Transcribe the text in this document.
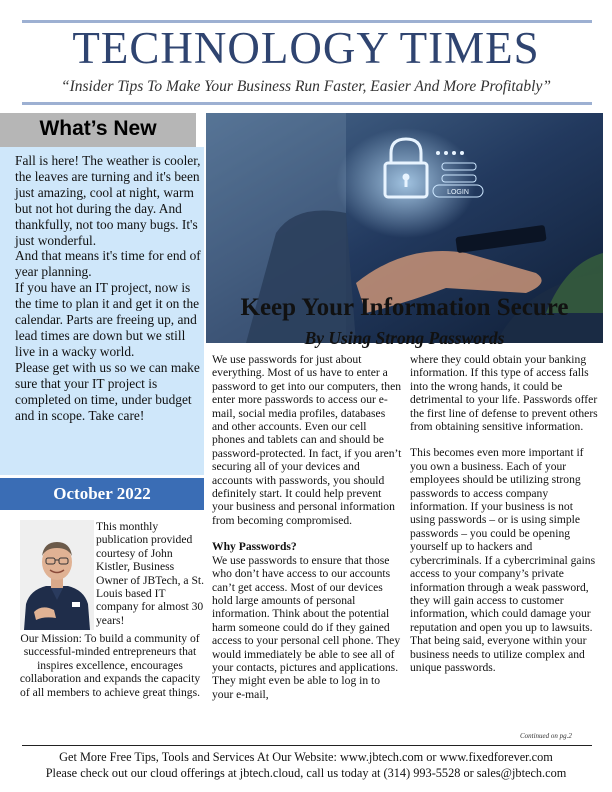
TECHNOLOGY TIMES
“Insider Tips To Make Your Business Run Faster, Easier And More Profitably”
What’s New

Fall is here! The weather is cooler, the leaves are turning and it's been just amazing, cool at night, warm but not hot during the day. And thankfully, not too many bugs. It's just wonderful.

And that means it's time for end of year planning.

If you have an IT project, now is the time to plan it and get it on the calendar. Parts are freeing up, and lead times are down but we still live in a wacky world.

Please get with us so we can make sure that your IT project is completed on time, under budget and in scope. Take care!

October 2022
This monthly publication provided courtesy of John Kistler, Business Owner of JBTech, a St. Louis based IT company for almost 30 years!
Our Mission: To build a community of successful-minded entrepreneurs that inspires excellence, encourages collaboration and expands the capacity of all members to achieve great things.
LOGIN
Keep Your Information Secure
By Using Strong Passwords

We use passwords for just about everything. Most of us have to enter a password to get into our computers, then enter more passwords to access our e-mail, social media profiles, databases and other accounts. Even our cell phones and tablets can and should be password-protected. In fact, if you aren’t securing all of your devices and accounts with passwords, you should definitely start. It could help prevent your business and personal information from becoming compromised.

Why Passwords?

We use passwords to ensure that those who don’t have access to our accounts can’t get access. Most of our devices hold large amounts of personal information. Think about the potential harm someone could do if they gained access to your personal cell phone. They would immediately be able to see all of your contacts, pictures and applications. They might even be able to log in to your e-mail,

where they could obtain your banking information. If this type of access falls into the wrong hands, it could be detrimental to your life. Passwords offer the first line of defense to prevent others from obtaining sensitive information.

This becomes even more important if you own a business. Each of your employees should be utilizing strong passwords to access company information. If your business is not using passwords – or is using simple passwords – you could be opening yourself up to hackers and cybercriminals. If a cybercriminal gains access to your company’s private information through a weak password, they will gain access to customer information, which could damage your reputation and open you up to lawsuits. That being said, everyone within your business needs to utilize complex and unique passwords.

Continued on pg.2
Get More Free Tips, Tools and Services At Our Website: www.jbtech.com or www.fixedforever.com
Please check out our cloud offerings at jbtech.cloud, call us today at (314) 993-5528 or sales@jbtech.com
